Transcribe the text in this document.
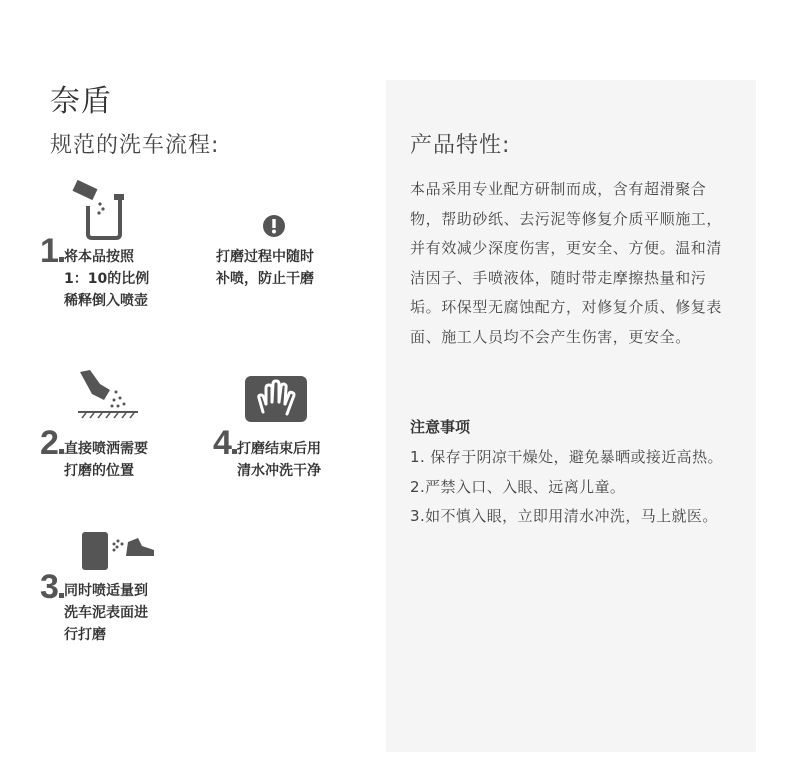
奈盾
规范的洗车流程:
1 将本品按照
1：10的比例
稀释倒入喷壶
打磨过程中随时
补喷，防止干磨
2 直接喷洒需要
打磨的位置
4 打磨结束后用
清水冲洗干净
3 同时喷适量到
洗车泥表面进
行打磨
产品特性:
本品采用专业配方研制而成，含有超滑聚合物，帮助砂纸、去污泥等修复介质平顺施工，并有效减少深度伤害，更安全、方便。温和清洁因子、手喷液体，随时带走摩擦热量和污垢。环保型无腐蚀配方，对修复介质、修复表面、施工人员均不会产生伤害，更安全。
注意事项
1. 保存于阴凉干燥处，避免暴晒或接近高热。
2.严禁入口、入眼、远离儿童。
3.如不慎入眼，立即用清水冲洗，马上就医。
